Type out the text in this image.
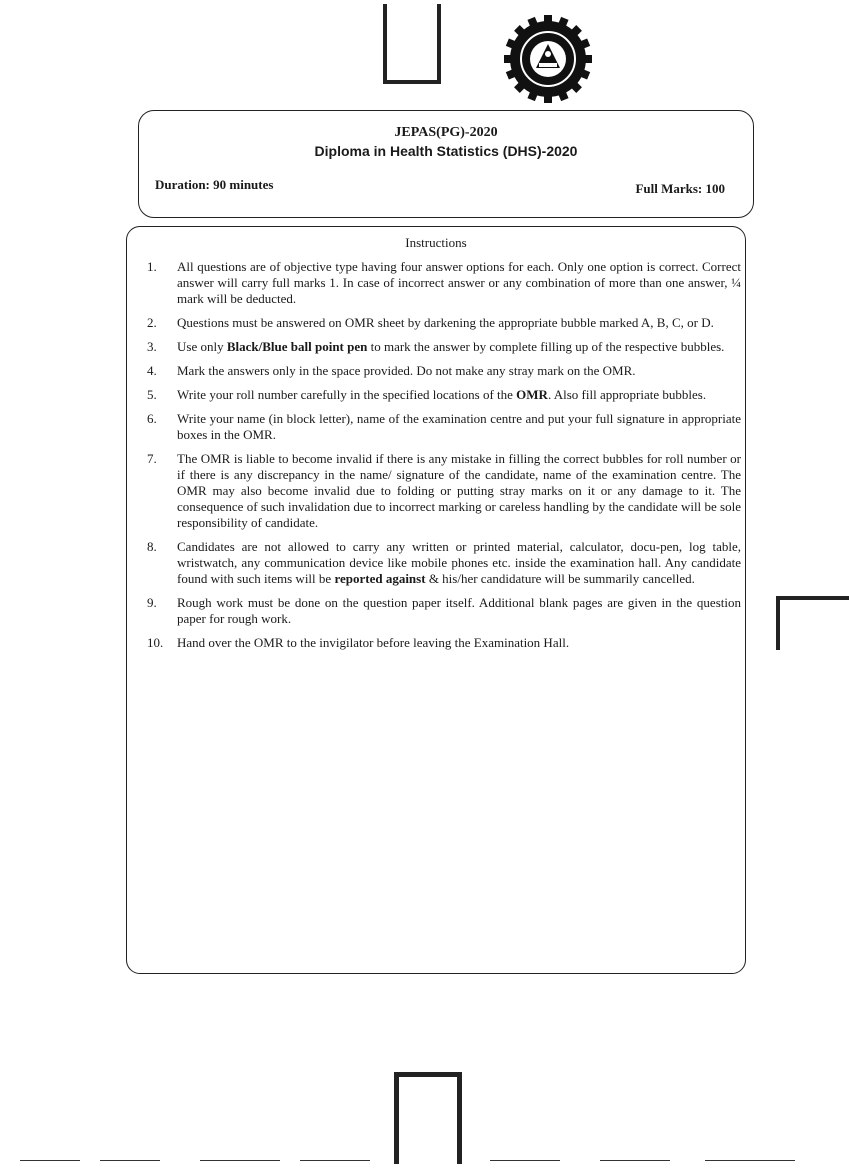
JEPAS(PG)-2020
Diploma in Health Statistics (DHS)-2020
Duration: 90 minutes	Full Marks: 100
Instructions
1.	All questions are of objective type having four answer options for each. Only one option is correct. Correct answer will carry full marks 1. In case of incorrect answer or any combination of more than one answer, ¼ mark will be deducted.
2.	Questions must be answered on OMR sheet by darkening the appropriate bubble marked A, B, C, or D.
3.	Use only Black/Blue ball point pen to mark the answer by complete filling up of the respective bubbles.
4.	Mark the answers only in the space provided. Do not make any stray mark on the OMR.
5.	Write your roll number carefully in the specified locations of the OMR. Also fill appropriate bubbles.
6.	Write your name (in block letter), name of the examination centre and put your full signature in appropriate boxes in the OMR.
7.	The OMR is liable to become invalid if there is any mistake in filling the correct bubbles for roll number or if there is any discrepancy in the name/ signature of the candidate, name of the examination centre. The OMR may also become invalid due to folding or putting stray marks on it or any damage to it. The consequence of such invalidation due to incorrect marking or careless handling by the candidate will be sole responsibility of candidate.
8.	Candidates are not allowed to carry any written or printed material, calculator, docu-pen, log table, wristwatch, any communication device like mobile phones etc. inside the examination hall. Any candidate found with such items will be reported against & his/her candidature will be summarily cancelled.
9.	Rough work must be done on the question paper itself. Additional blank pages are given in the question paper for rough work.
10.	Hand over the OMR to the invigilator before leaving the Examination Hall.
